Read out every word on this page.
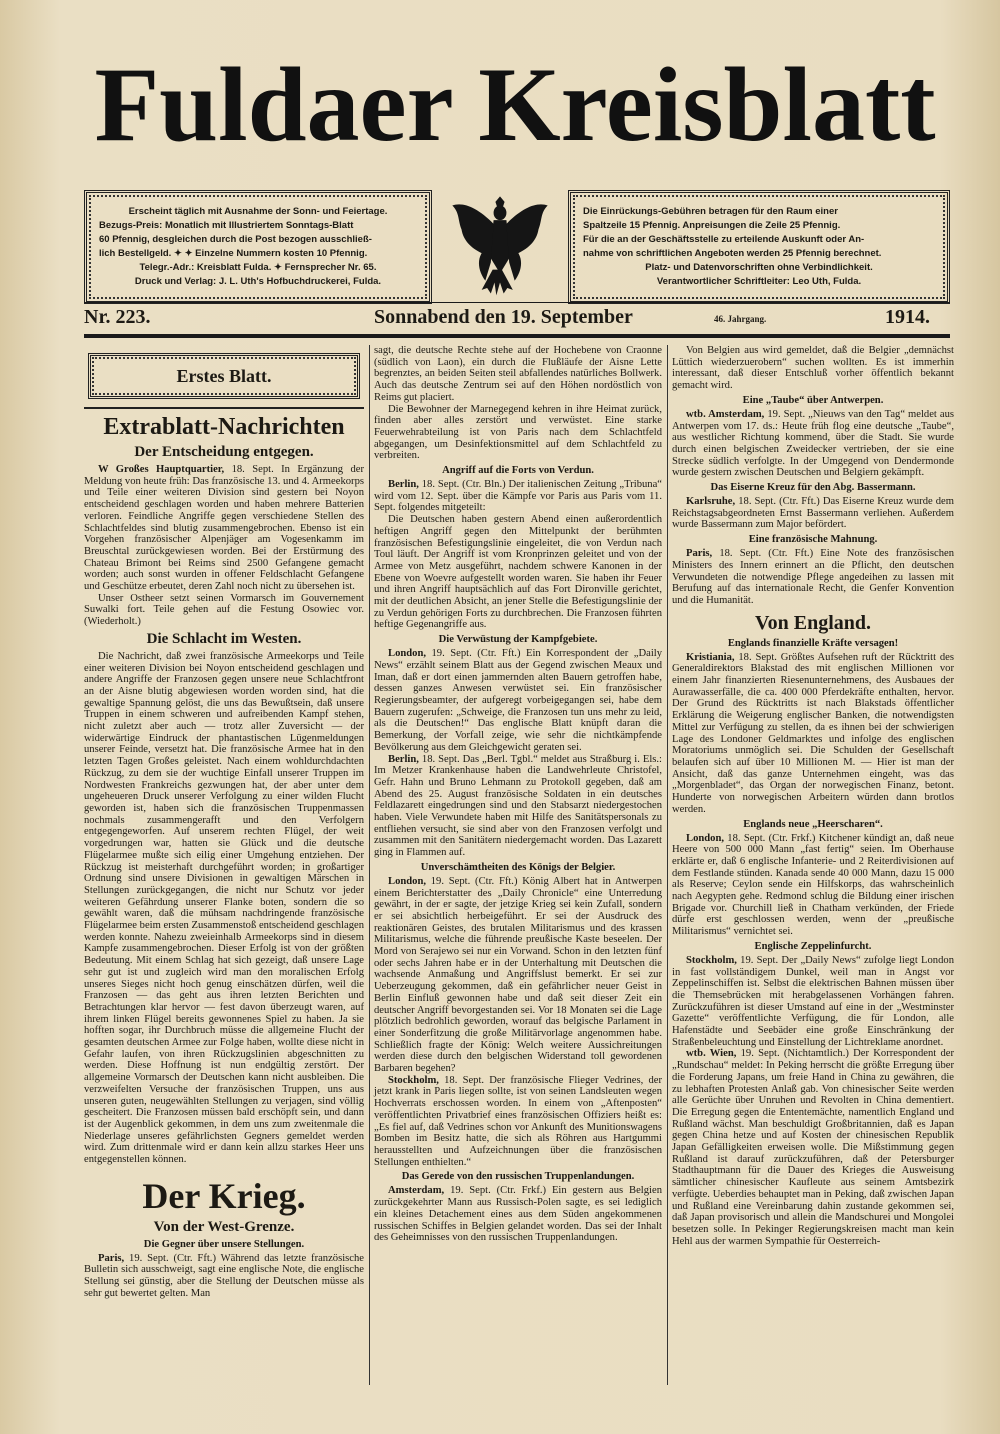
Fuldaer Kreisblatt
Erscheint täglich mit Ausnahme der Sonn- und Feiertage.
Bezugs-Preis: Monatlich mit Illustriertem Sonntags-Blatt
60 Pfennig, desgleichen durch die Post bezogen ausschließ-
lich Bestellgeld. ✦ ✦ Einzelne Nummern kosten 10 Pfennig.
Telegr.-Adr.: Kreisblatt Fulda. ✦ Fernsprecher Nr. 65.
Druck und Verlag: J. L. Uth's Hofbuchdruckerei, Fulda.
Die Einrückungs-Gebühren betragen für den Raum einer
Spaltzeile 15 Pfennig. Anpreisungen die Zeile 25 Pfennig.
Für die an der Geschäftsstelle zu erteilende Auskunft oder An-
nahme von schriftlichen Angeboten werden 25 Pfennig berechnet.
Platz- und Datenvorschriften ohne Verbindlichkeit.
Verantwortlicher Schriftleiter: Leo Uth, Fulda.
Nr. 223.	Sonnabend den 19. September	46. Jahrgang.	1914.
Erstes Blatt.
Extrablatt-Nachrichten
Der Entscheidung entgegen.

W Großes Hauptquartier, 18. Sept. In Ergänzung der Meldung von heute früh: Das französische 13. und 4. Armeekorps und Teile einer weiteren Division sind gestern bei Noyon entscheidend geschlagen worden und haben mehrere Batterien verloren. Feindliche Angriffe gegen verschiedene Stellen des Schlachtfeldes sind blutig zusammengebrochen. Ebenso ist ein Vorgehen französischer Alpenjäger am Vogesenkamm im Breuschtal zurückgewiesen worden. Bei der Erstürmung des Chateau Brimont bei Reims sind 2500 Gefangene gemacht worden; auch sonst wurden in offener Feldschlacht Gefangene und Geschütze erbeutet, deren Zahl noch nicht zu übersehen ist.

Unser Ostheer setzt seinen Vormarsch im Gouvernement Suwalki fort. Teile gehen auf die Festung Osowiec vor. (Wiederholt.)

Die Schlacht im Westen.

Die Nachricht, daß zwei französische Armeekorps und Teile einer weiteren Division bei Noyon entscheidend geschlagen und andere Angriffe der Franzosen gegen unsere neue Schlachtfront an der Aisne blutig abgewiesen worden worden sind, hat die gewaltige Spannung gelöst, die uns das Bewußtsein, daß unsere Truppen in einem schweren und aufreibenden Kampf stehen, nicht zuletzt aber auch — trotz aller Zuversicht — der widerwärtige Eindruck der phantastischen Lügenmeldungen unserer Feinde, versetzt hat. Die französische Armee hat in den letzten Tagen Großes geleistet. Nach einem wohldurchdachten Rückzug, zu dem sie der wuchtige Einfall unserer Truppen im Nordwesten Frankreichs gezwungen hat, der aber unter dem ungeheueren Druck unserer Verfolgung zu einer wilden Flucht geworden ist, haben sich die französischen Truppenmassen nochmals zusammengerafft und den Verfolgern entgegengeworfen. Auf unserem rechten Flügel, der weit vorgedrungen war, hatten sie Glück und die deutsche Flügelarmee mußte sich eilig einer Umgehung entziehen. Der Rückzug ist meisterhaft durchgeführt worden; in großartiger Ordnung sind unsere Divisionen in gewaltigen Märschen in Stellungen zurückgegangen, die nicht nur Schutz vor jeder weiteren Gefährdung unserer Flanke boten, sondern die so gewählt waren, daß die mühsam nachdringende französische Flügelarmee beim ersten Zusammenstoß entscheidend geschlagen werden konnte. Nahezu zweieinhalb Armeekorps sind in diesem Kampfe zusammengebrochen. Dieser Erfolg ist von der größten Bedeutung. Mit einem Schlag hat sich gezeigt, daß unsere Lage sehr gut ist und zugleich wird man den moralischen Erfolg unseres Sieges nicht hoch genug einschätzen dürfen, weil die Franzosen — das geht aus ihren letzten Berichten und Betrachtungen klar hervor — fest davon überzeugt waren, auf ihrem linken Flügel bereits gewonnenes Spiel zu haben. Ja sie hofften sogar, ihr Durchbruch müsse die allgemeine Flucht der gesamten deutschen Armee zur Folge haben, wollte diese nicht in Gefahr laufen, von ihren Rückzugslinien abgeschnitten zu werden. Diese Hoffnung ist nun endgültig zerstört. Der allgemeine Vormarsch der Deutschen kann nicht ausbleiben. Die verzweifelten Versuche der französischen Truppen, uns aus unseren guten, neugewählten Stellungen zu verjagen, sind völlig gescheitert. Die Franzosen müssen bald erschöpft sein, und dann ist der Augenblick gekommen, in dem uns zum zweitenmale die Niederlage unseres gefährlichsten Gegners gemeldet werden wird. Zum drittenmale wird er dann kein allzu starkes Heer uns entgegenstellen können.

Der Krieg.
Von der West-Grenze.
Die Gegner über unsere Stellungen.

Paris, 19. Sept. (Ctr. Fft.) Während das letzte französische Bulletin sich ausschweigt, sagt eine englische Note, die englische Stellung sei günstig, aber die Stellung der Deutschen müsse als sehr gut bewertet gelten. Man

sagt, die deutsche Rechte stehe auf der Hochebene von Craonne (südlich von Laon), ein durch die Flußläufe der Aisne Lette begrenztes, an beiden Seiten steil abfallendes natürliches Bollwerk. Auch das deutsche Zentrum sei auf den Höhen nordöstlich von Reims gut placiert.

Die Bewohner der Marnegegend kehren in ihre Heimat zurück, finden aber alles zerstört und verwüstet. Eine starke Feuerwehrabteilung ist von Paris nach dem Schlachtfeld abgegangen, um Desinfektionsmittel auf dem Schlachtfeld zu verbreiten.

Angriff auf die Forts von Verdun.

Berlin, 18. Sept. (Ctr. Bln.) Der italienischen Zeitung „Tribuna“ wird vom 12. Sept. über die Kämpfe vor Paris aus Paris vom 11. Sept. folgendes mitgeteilt:

Die Deutschen haben gestern Abend einen außerordentlich heftigen Angriff gegen den Mittelpunkt der berühmten französischen Befestigungslinie eingeleitet, die von Verdun nach Toul läuft. Der Angriff ist vom Kronprinzen geleitet und von der Armee von Metz ausgeführt, nachdem schwere Kanonen in der Ebene von Woevre aufgestellt worden waren. Sie haben ihr Feuer und ihren Angriff hauptsächlich auf das Fort Dironville gerichtet, mit der deutlichen Absicht, an jener Stelle die Befestigungslinie der zu Verdun gehörigen Forts zu durchbrechen. Die Franzosen führten heftige Gegenangriffe aus.

Die Verwüstung der Kampfgebiete.

London, 19. Sept. (Ctr. Fft.) Ein Korrespondent der „Daily News“ erzählt seinem Blatt aus der Gegend zwischen Meaux und Iman, daß er dort einen jammernden alten Bauern getroffen habe, dessen ganzes Anwesen verwüstet sei. Ein französischer Regierungsbeamter, der aufgeregt vorbeigegangen sei, habe dem Bauern zugerufen: „Schweige, die Franzosen tun uns mehr zu leid, als die Deutschen!“ Das englische Blatt knüpft daran die Bemerkung, der Vorfall zeige, wie sehr die nichtkämpfende Bevölkerung aus dem Gleichgewicht geraten sei.

Berlin, 18. Sept. Das „Berl. Tgbl.“ meldet aus Straßburg i. Els.: Im Metzer Krankenhause haben die Landwehrleute Christofel, Gefr. Hahn und Bruno Lehmann zu Protokoll gegeben, daß am Abend des 25. August französische Soldaten in ein deutsches Feldlazarett eingedrungen sind und den Stabsarzt niedergestochen haben. Viele Verwundete haben mit Hilfe des Sanitätspersonals zu entfliehen versucht, sie sind aber von den Franzosen verfolgt und zusammen mit den Sanitätern niedergemacht worden. Das Lazarett ging in Flammen auf.

Unverschämtheiten des Königs der Belgier.

London, 19. Sept. (Ctr. Fft.) König Albert hat in Antwerpen einem Berichterstatter des „Daily Chronicle“ eine Unterredung gewährt, in der er sagte, der jetzige Krieg sei kein Zufall, sondern er sei absichtlich herbeigeführt. Er sei der Ausdruck des reaktionären Geistes, des brutalen Militarismus und des krassen Militarismus, welche die führende preußische Kaste beseelen. Der Mord von Serajewo sei nur ein Vorwand. Schon in den letzten fünf oder sechs Jahren habe er in der Unterhaltung mit Deutschen die wachsende Anmaßung und Angriffslust bemerkt. Er sei zur Ueberzeugung gekommen, daß ein gefährlicher neuer Geist in Berlin Einfluß gewonnen habe und daß seit dieser Zeit ein deutscher Angriff bevorgestanden sei. Vor 18 Monaten sei die Lage plötzlich bedrohlich geworden, worauf das belgische Parlament in einer Sonderfitzung die große Militärvorlage angenommen habe. Schließlich fragte der König: Welch weitere Aussichreitungen werden diese durch den belgischen Widerstand toll gewordenen Barbaren begehen?

Stockholm, 18. Sept. Der französische Flieger Vedrines, der jetzt krank in Paris liegen sollte, ist von seinen Landsleuten wegen Hochverrats erschossen worden. In einem von „Aftenposten“ veröffentlichten Privatbrief eines französischen Offiziers heißt es: „Es fiel auf, daß Vedrines schon vor Ankunft des Munitionswagens Bomben im Besitz hatte, die sich als Röhren aus Hartgummi herausstellten und Aufzeichnungen über die französischen Stellungen enthielten.“

Das Gerede von den russischen Truppenlandungen.

Amsterdam, 19. Sept. (Ctr. Frkf.) Ein gestern aus Belgien zurückgekehrter Mann aus Russisch-Polen sagte, es sei lediglich ein kleines Detachement eines aus dem Süden angekommenen russischen Schiffes in Belgien gelandet worden. Das sei der Inhalt des Geheimnisses von den russischen Truppenlandungen.

Von Belgien aus wird gemeldet, daß die Belgier „demnächst Lüttich wiederzuerobern“ suchen wollten. Es ist immerhin interessant, daß dieser Entschluß vorher öffentlich bekannt gemacht wird.

Eine „Taube“ über Antwerpen.

wtb. Amsterdam, 19. Sept. „Nieuws van den Tag“ meldet aus Antwerpen vom 17. ds.: Heute früh flog eine deutsche „Taube“, aus westlicher Richtung kommend, über die Stadt. Sie wurde durch einen belgischen Zweidecker vertrieben, der sie eine Strecke südlich verfolgte. In der Umgegend von Dendermonde wurde gestern zwischen Deutschen und Belgiern gekämpft.

Das Eiserne Kreuz für den Abg. Bassermann.

Karlsruhe, 18. Sept. (Ctr. Fft.) Das Eiserne Kreuz wurde dem Reichstagsabgeordneten Ernst Bassermann verliehen. Außerdem wurde Bassermann zum Major befördert.

Eine französische Mahnung.

Paris, 18. Sept. (Ctr. Fft.) Eine Note des französischen Ministers des Innern erinnert an die Pflicht, den deutschen Verwundeten die notwendige Pflege angedeihen zu lassen mit Berufung auf das internationale Recht, die Genfer Konvention und die Humanität.

Von England.
Englands finanzielle Kräfte versagen!

Kristiania, 18. Sept. Größtes Aufsehen ruft der Rücktritt des Generaldirektors Blakstad des mit englischen Millionen vor einem Jahr finanzierten Riesenunternehmens, des Ausbaues der Aurawasserfälle, die ca. 400 000 Pferdekräfte enthalten, hervor. Der Grund des Rücktritts ist nach Blakstads öffentlicher Erklärung die Weigerung englischer Banken, die notwendigsten Mittel zur Verfügung zu stellen, da es ihnen bei der schwierigen Lage des Londoner Geldmarktes und infolge des englischen Moratoriums unmöglich sei. Die Schulden der Gesellschaft belaufen sich auf über 10 Millionen M. — Hier ist man der Ansicht, daß das ganze Unternehmen eingeht, was das „Morgenbladet“, das Organ der norwegischen Finanz, betont. Hunderte von norwegischen Arbeitern würden dann brotlos werden.

Englands neue „Heerscharen“.

London, 18. Sept. (Ctr. Frkf.) Kitchener kündigt an, daß neue Heere von 500 000 Mann „fast fertig“ seien. Im Oberhause erklärte er, daß 6 englische Infanterie- und 2 Reiterdivisionen auf dem Festlande stünden. Kanada sende 40 000 Mann, dazu 15 000 als Reserve; Ceylon sende ein Hilfskorps, das wahrscheinlich nach Aegypten gehe. Redmond schlug die Bildung einer irischen Brigade vor. Churchill ließ in Chatham verkünden, der Friede dürfe erst geschlossen werden, wenn der „preußische Militarismus“ vernichtet sei.

Englische Zeppelinfurcht.

Stockholm, 19. Sept. Der „Daily News“ zufolge liegt London in fast vollständigem Dunkel, weil man in Angst vor Zeppelinschiffen ist. Selbst die elektrischen Bahnen müssen über die Themsebrücken mit herabgelassenen Vorhängen fahren. Zurückzuführen ist dieser Umstand auf eine in der „Westminster Gazette“ veröffentlichte Verfügung, die für London, alle Hafenstädte und Seebäder eine große Einschränkung der Straßenbeleuchtung und Einstellung der Lichtreklame anordnet.

wtb. Wien, 19. Sept. (Nichtamtlich.) Der Korrespondent der „Rundschau“ meldet: In Peking herrscht die größte Erregung über die Forderung Japans, um freie Hand in China zu gewähren, die zu lebhaften Protesten Anlaß gab. Von chinesischer Seite werden alle Gerüchte über Unruhen und Revolten in China dementiert. Die Erregung gegen die Ententemächte, namentlich England und Rußland wächst. Man beschuldigt Großbritannien, daß es Japan gegen China hetze und auf Kosten der chinesischen Republik Japan Gefälligkeiten erweisen wolle. Die Mißstimmung gegen Rußland ist darauf zurückzuführen, daß der Petersburger Stadthauptmann für die Dauer des Krieges die Ausweisung sämtlicher chinesischer Kaufleute aus seinem Amtsbezirk verfügte. Ueberdies behauptet man in Peking, daß zwischen Japan und Rußland eine Vereinbarung dahin zustande gekommen sei, daß Japan provisorisch und allein die Mandschurei und Mongolei besetzen solle. In Pekinger Regierungskreisen macht man kein Hehl aus der warmen Sympathie für Oesterreich-
